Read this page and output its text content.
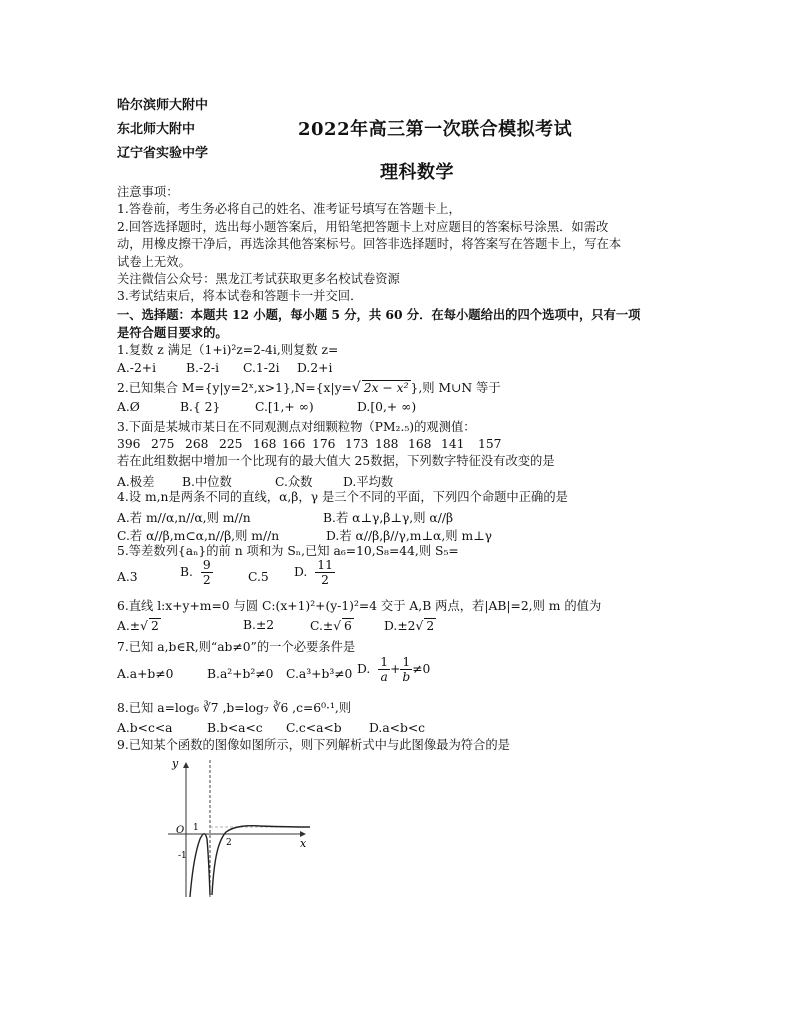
哈尔滨师大附中
东北师大附中
辽宁省实验中学
2022年高三第一次联合模拟考试
理科数学
注意事项：
1.答卷前，考生务必将自己的姓名、准考证号填写在答题卡上，
2.回答选择题时，选出每小题答案后，用铅笔把答题卡上对应题目的答案标号涂黑．如需改
动，用橡皮擦干净后，再选涂其他答案标号。回答非选择题时，将答案写在答题卡上，写在本
试卷上无效。
关注微信公众号：黑龙江考试获取更多名校试卷资源
3.考试结束后，将本试卷和答题卡一并交回．
一、选择题：本题共 12 小题，每小题 5 分，共 60 分．在每小题给出的四个选项中，只有一项
是符合题目要求的。
1.复数 z 满足（1+i)²z=2-4i,则复数 z=
A.-2+i B.-2-i C.1-2i D.2+i
2.已知集合 M={y|y=2ˣ,x>1},N={x|y=√ 2x − x² },则 M∪N 等于
A.Ø	B.{ 2}	C.[1,+ ∞)	D.[0,+ ∞)
3.下面是某城市某日在不同观测点对细颗粒物（PM₂.₅)的观测值：
396 275 268 225 168 166 176 173 188 168 141 157
若在此组数据中增加一个比现有的最大值大 25数据，下列数字特征没有改变的是
A.极差 B.中位数	C.众数 D.平均数
4.设 m,n是两条不同的直线，α,β，γ 是三个不同的平面，下列四个命题中正确的是
A.若 m//α,n//α,则 m//n	B.若 α⊥γ,β⊥γ,则 α//β
C.若 α//β,m⊂α,n//β,则 m//n	D.若 α//β,β//γ,m⊥α,则 m⊥γ
5.等差数列{aₙ}的前 n 项和为 Sₙ,已知 a₆=10,S₈=44,则 S₅=
A.3	B. $\frac{9}{2}$	C.5 D. $\frac{11}{2}$
6.直线 l:x+y+m=0 与圆 C:(x+1)²+(y-1)²=4 交于 A,B 两点，若|AB|=2,则 m 的值为
A.±√ 2	B.±2	C.±√ 6	D.±2√ 2
7.已知 a,b∈R,则“ab≠0”的一个必要条件是
A.a+b≠0	B.a²+b²≠0 C.a³+b³≠0 D. $\frac{1}{a} + \frac{1}{b} \ne 0$
8.已知 a=log₆ ∛7 ,b=log₇ ∛6 ,c=6⁰·¹,则
A.b<c<a	B.b<a<c C.c<a<b D.a<b<c
9.已知某个函数的图像如图所示，则下列解析式中与此图像最为符合的是
y
x
O 1
2
-1
